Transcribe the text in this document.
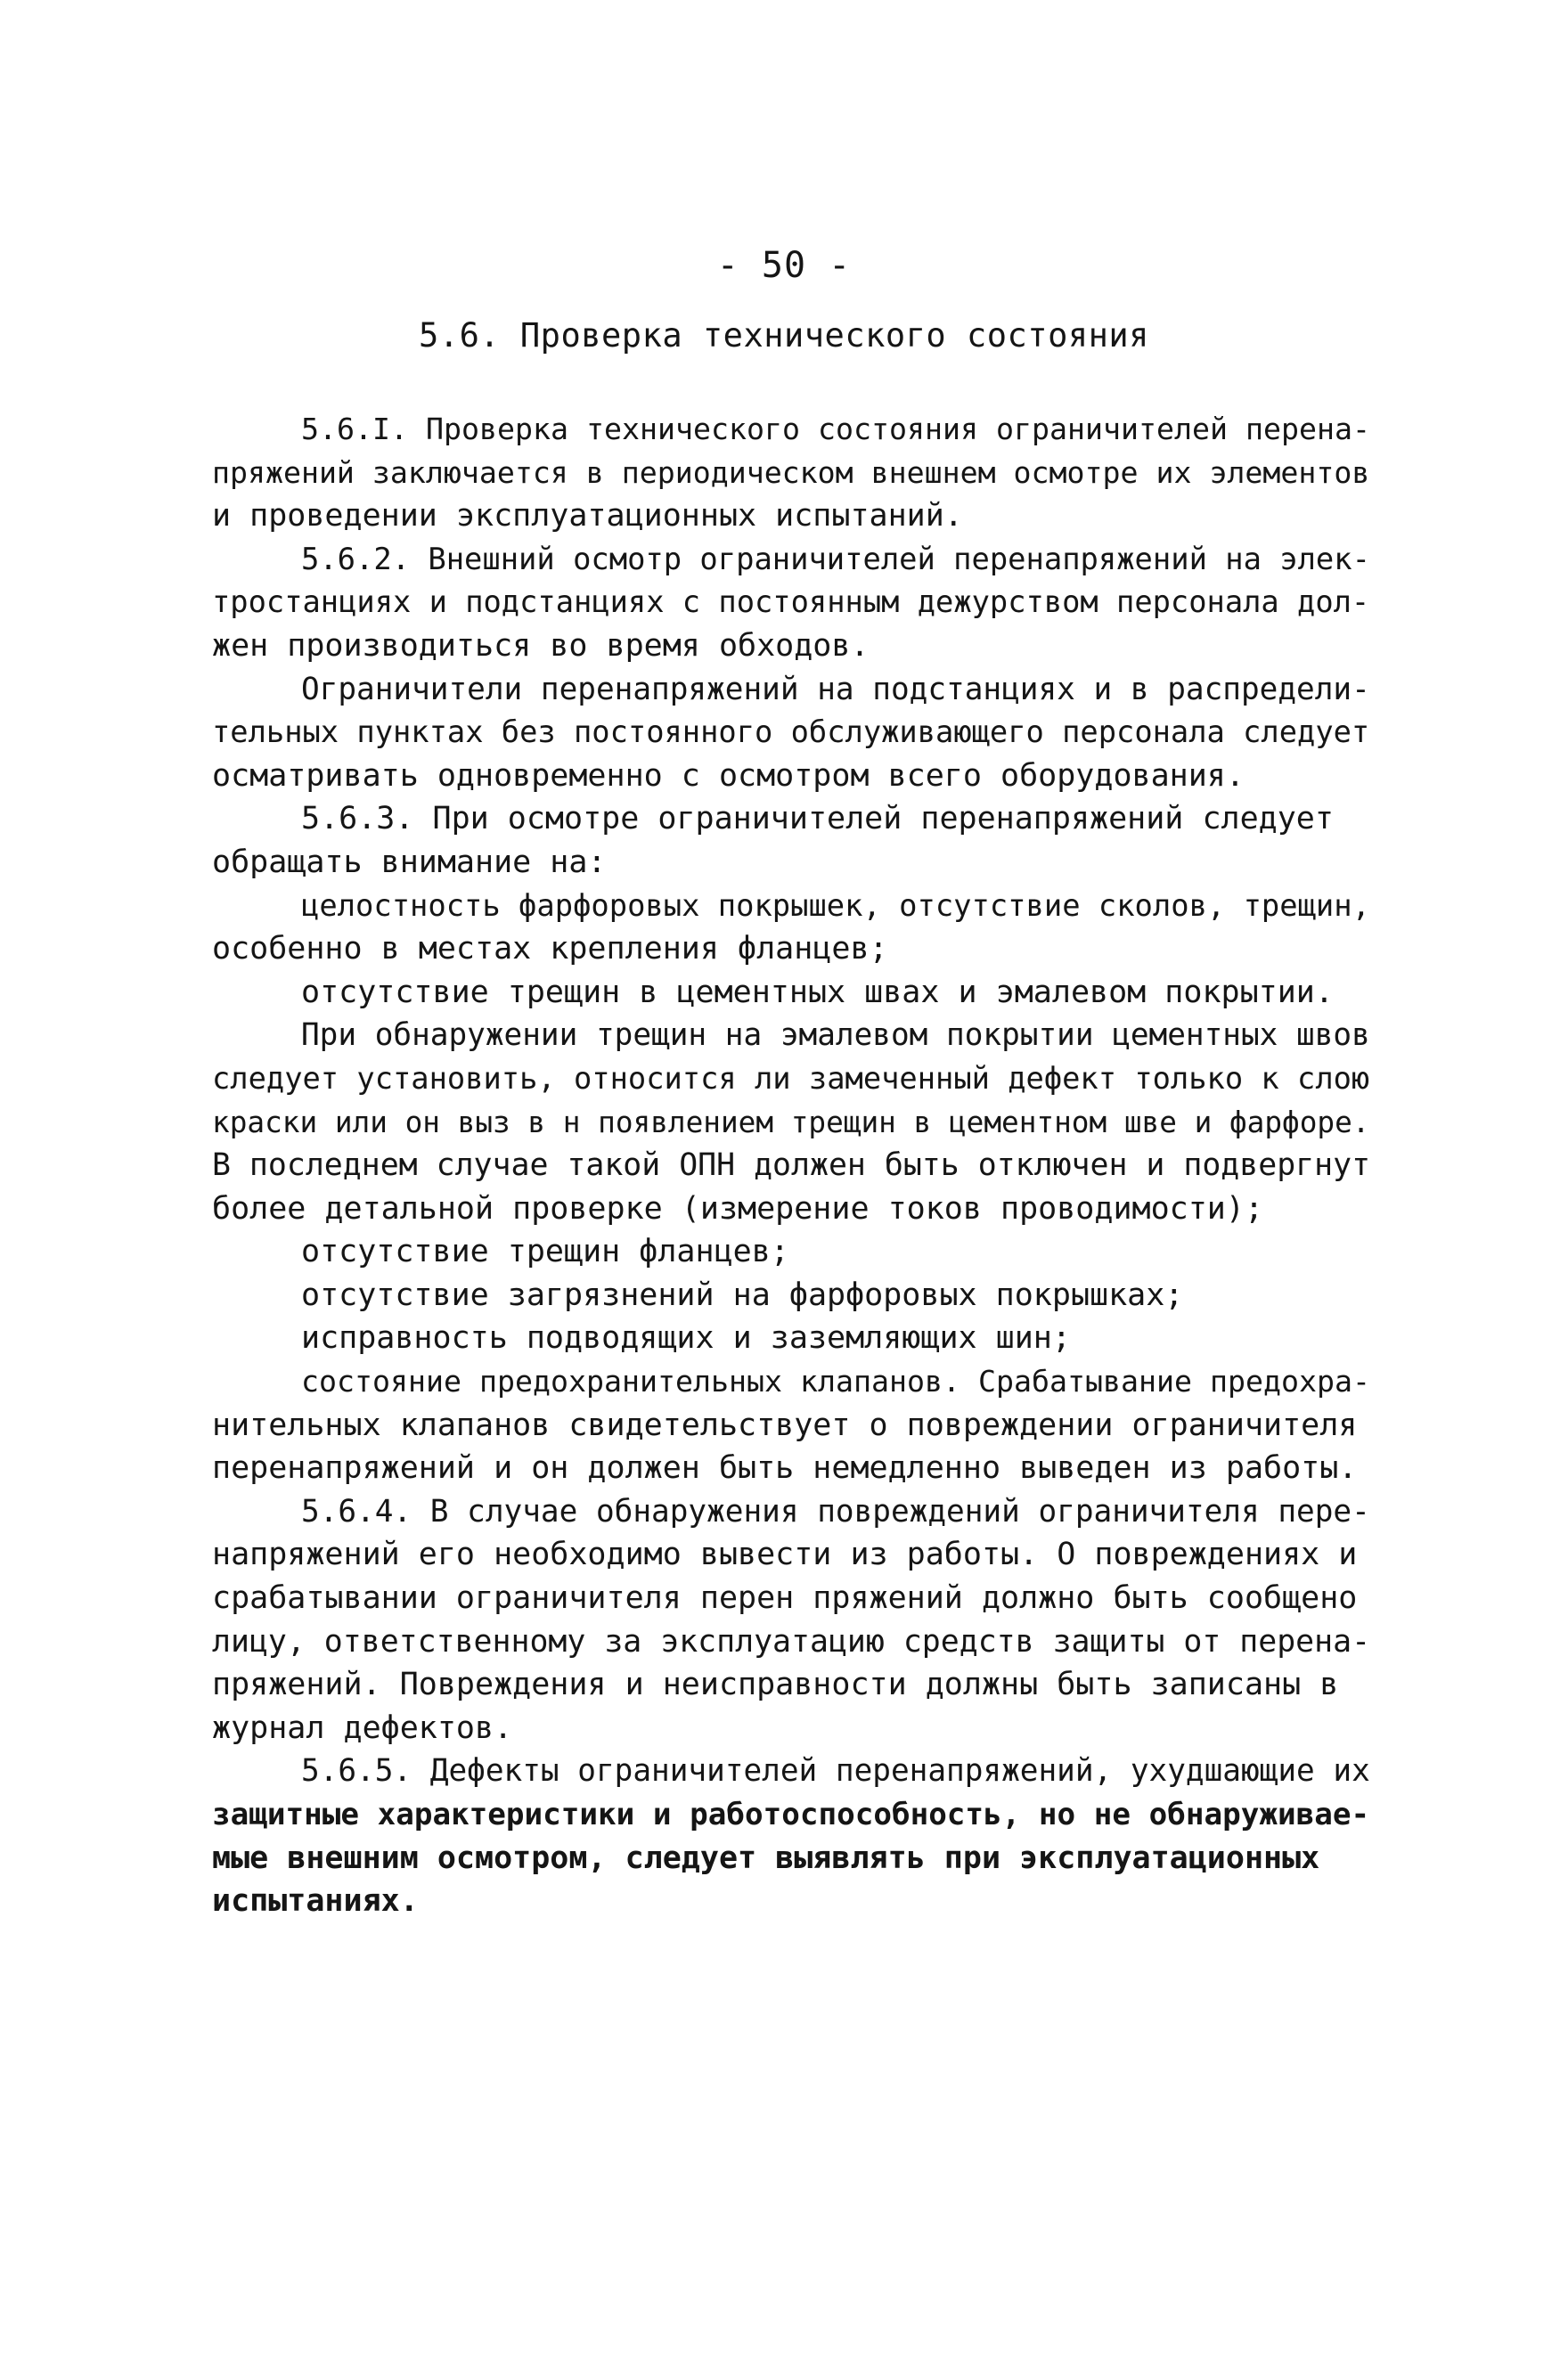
- 50 -
5.6. Проверка технического состояния
5.6.I. Проверка технического состояния ограничителей перена-
пряжений заключается в периодическом внешнем осмотре их элементов
и проведении эксплуатационных испытаний.
5.6.2. Внешний осмотр ограничителей перенапряжений на элек-
тростанциях и подстанциях с постоянным дежурством персонала дол-
жен производиться во время обходов.
Ограничители перенапряжений на подстанциях и в распредели-
тельных пунктах без постоянного обслуживающего персонала следует
осматривать одновременно с осмотром всего оборудования.
5.6.3. При осмотре ограничителей перенапряжений следует
обращать внимание на:
целостность фарфоровых покрышек, отсутствие сколов, трещин,
особенно в местах крепления фланцев;
отсутствие трещин в цементных швах и эмалевом покрытии.
При обнаружении трещин на эмалевом покрытии цементных швов
следует установить, относится ли замеченный дефект только к слою
краски или он выз в н появлением трещин в цементном шве и фарфоре.
В последнем случае такой ОПН должен быть отключен и подвергнут
более детальной проверке (измерение токов проводимости);
отсутствие трещин фланцев;
отсутствие загрязнений на фарфоровых покрышках;
исправность подводящих и заземляющих шин;
состояние предохранительных клапанов. Срабатывание предохра-
нительных клапанов свидетельствует о повреждении ограничителя
перенапряжений и он должен быть немедленно выведен из работы.
5.6.4. В случае обнаружения повреждений ограничителя пере-
напряжений его необходимо вывести из работы. О повреждениях и
срабатывании ограничителя перен пряжений должно быть сообщено
лицу, ответственному за эксплуатацию средств защиты от перена-
пряжений. Повреждения и неисправности должны быть записаны в
журнал дефектов.
5.6.5. Дефекты ограничителей перенапряжений, ухудшающие их
защитные характеристики и работоспособность, но не обнаруживае-
мые внешним осмотром, следует выявлять при эксплуатационных
испытаниях.
